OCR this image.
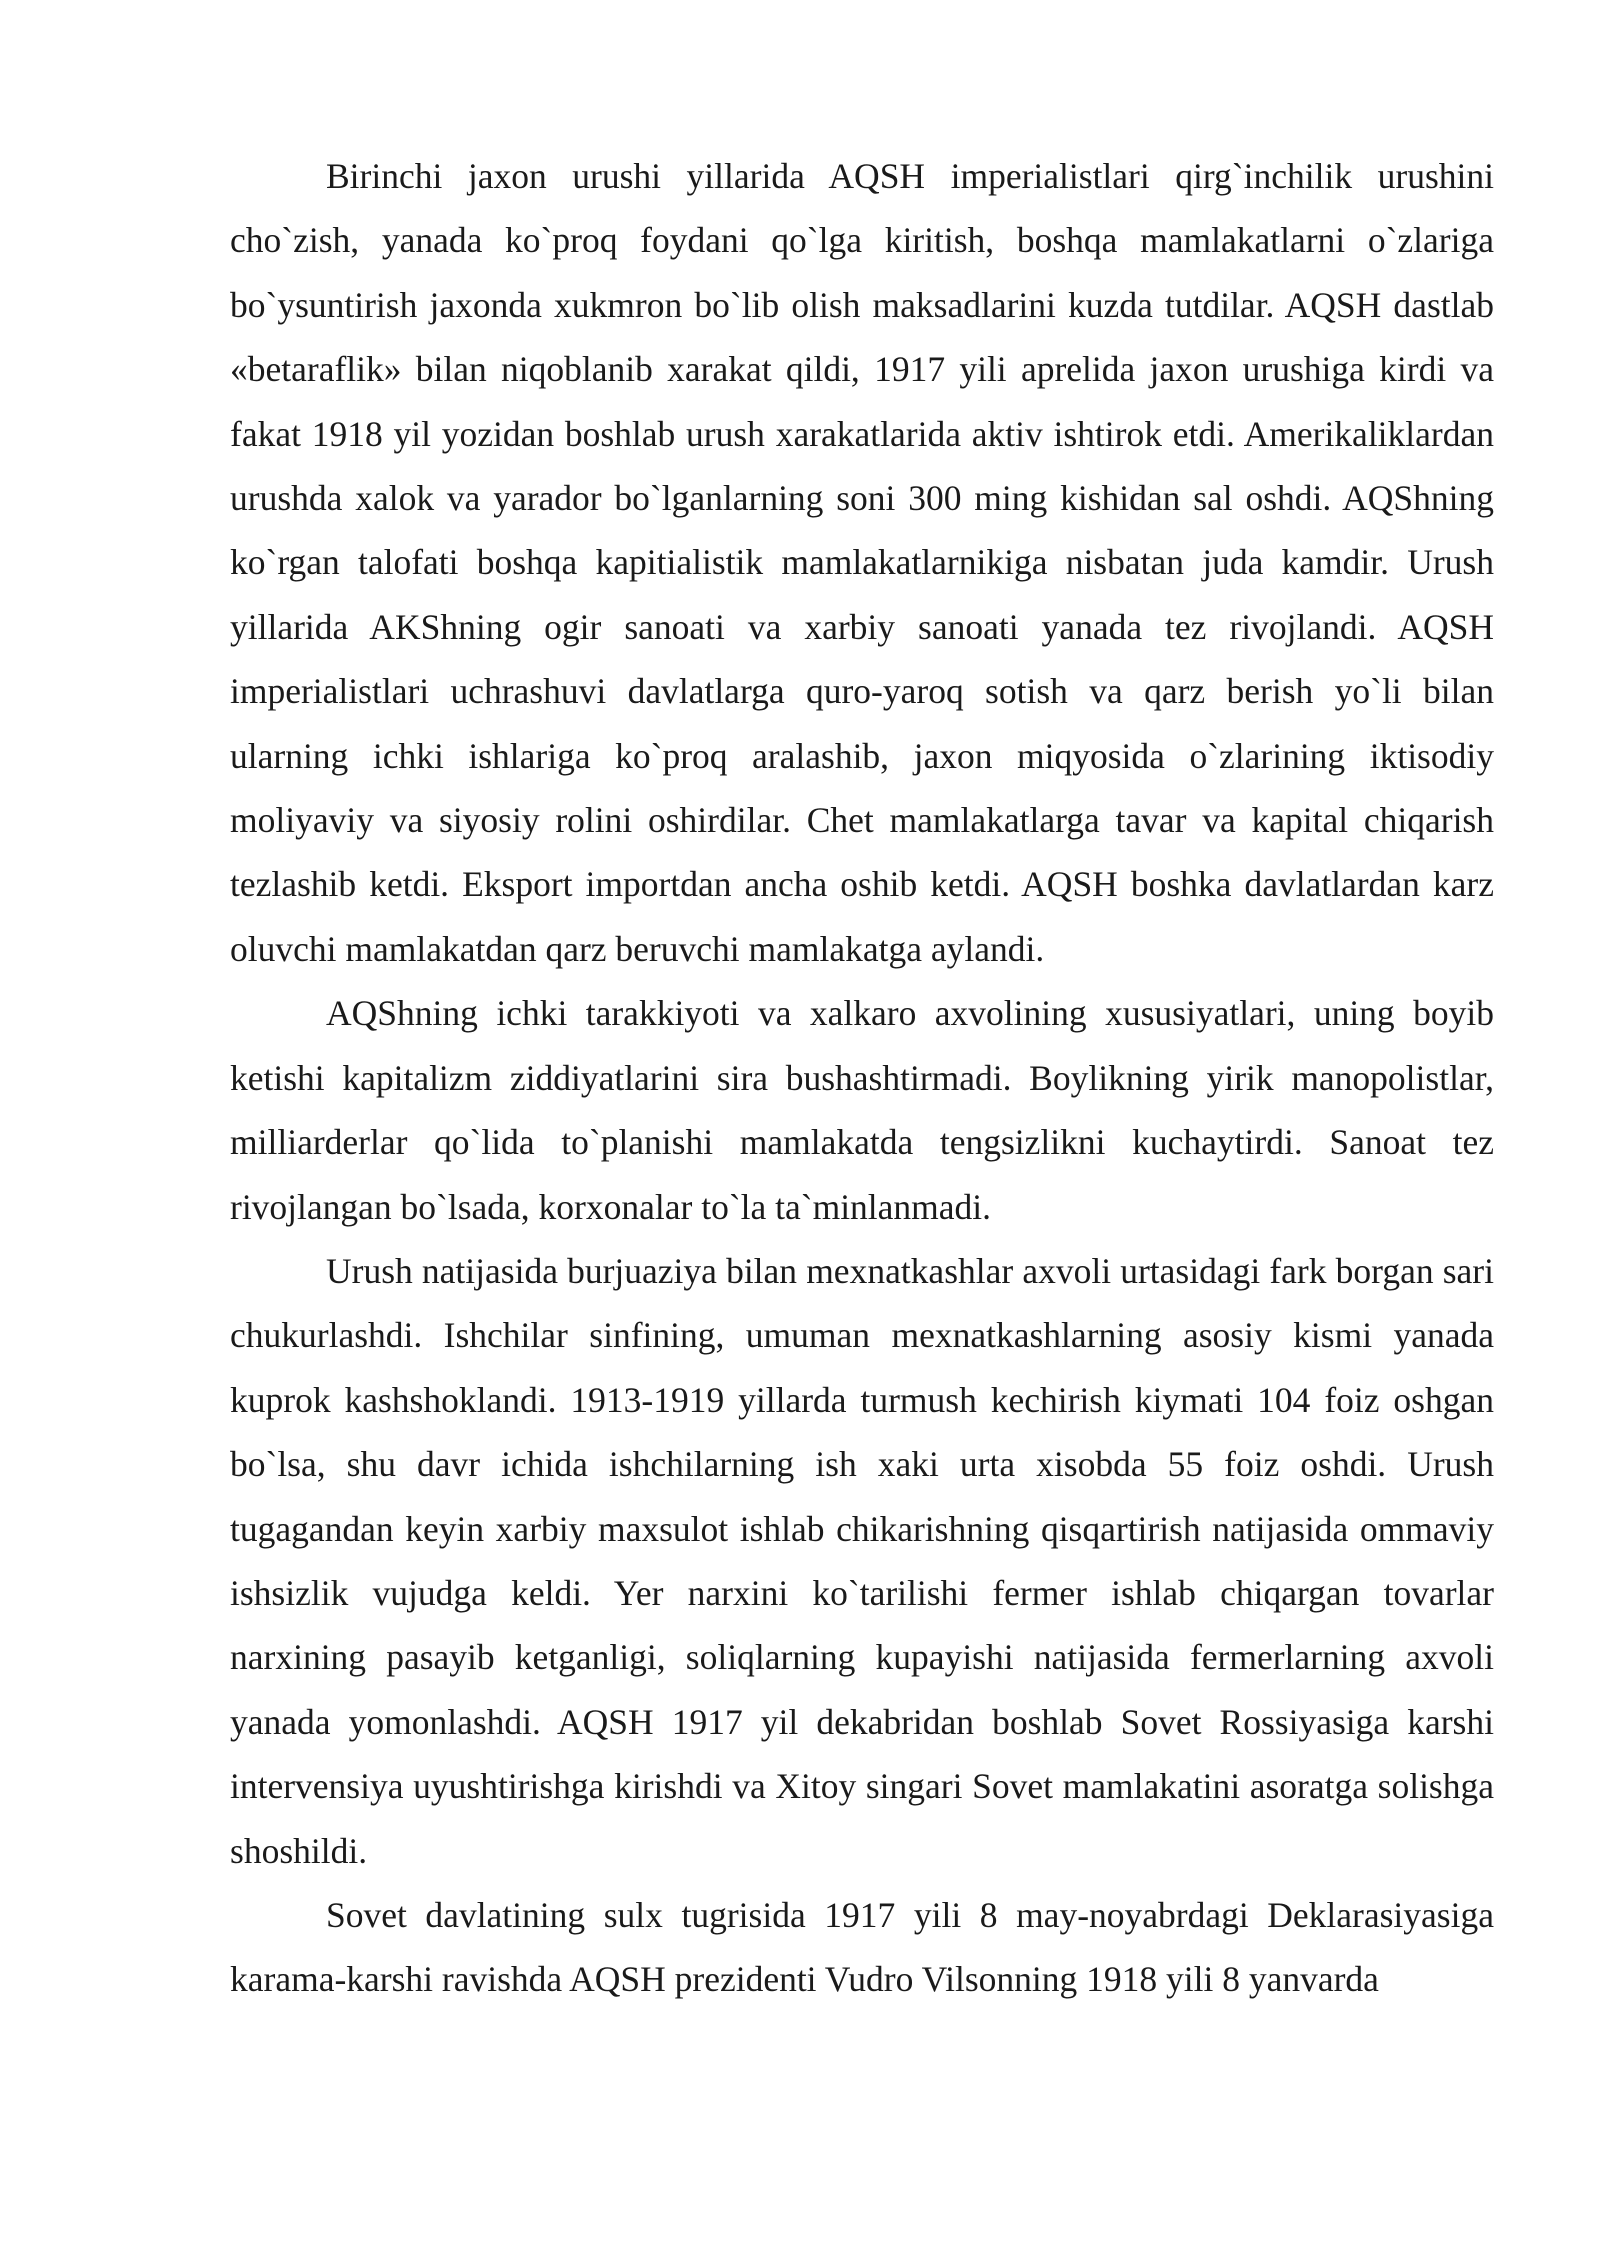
Birinchi jaxon urushi yillarida AQSH imperialistlari qirg`inchilik urushini cho`zish, yanada ko`proq foydani qo`lga kiritish, boshqa mamlakatlarni o`zlariga bo`ysuntirish jaxonda xukmron bo`lib olish maksadlarini kuzda tutdilar. AQSH dastlab «betaraflik» bilan niqoblanib xarakat qildi, 1917 yili aprelida jaxon urushiga kirdi va fakat 1918 yil yozidan boshlab urush xarakatlarida aktiv ishtirok etdi. Amerikaliklardan urushda xalok va yarador bo`lganlarning soni 300 ming kishidan sal oshdi. AQShning ko`rgan talofati boshqa kapitialistik mamlakatlarnikiga nisbatan juda kamdir. Urush yillarida AKShning ogir sanoati va xarbiy sanoati yanada tez rivojlandi. AQSH imperialistlari uchrashuvi davlatlarga quro-yaroq sotish va qarz berish yo`li bilan ularning ichki ishlariga ko`proq aralashib, jaxon miqyosida o`zlarining iktisodiy moliyaviy va siyosiy rolini oshirdilar. Chet mamlakatlarga tavar va kapital chiqarish tezlashib ketdi. Eksport importdan ancha oshib ketdi. AQSH boshka davlatlardan karz oluvchi mamlakatdan qarz beruvchi mamlakatga aylandi.

AQShning ichki tarakkiyoti va xalkaro axvolining xususiyatlari, uning boyib ketishi kapitalizm ziddiyatlarini sira bushashtirmadi. Boylikning yirik manopolistlar, milliarderlar qo`lida to`planishi mamlakatda tengsizlikni kuchaytirdi. Sanoat tez rivojlangan bo`lsada, korxonalar to`la ta`minlanmadi.

Urush natijasida burjuaziya bilan mexnatkashlar axvoli urtasidagi fark borgan sari chukurlashdi. Ishchilar sinfining, umuman mexnatkashlarning asosiy kismi yanada kuprok kashshoklandi. 1913-1919 yillarda turmush kechirish kiymati 104 foiz oshgan bo`lsa, shu davr ichida ishchilarning ish xaki urta xisobda 55 foiz oshdi. Urush tugagandan keyin xarbiy maxsulot ishlab chikarishning qisqartirish natijasida ommaviy ishsizlik vujudga keldi. Yer narxini ko`tarilishi fermer ishlab chiqargan tovarlar narxining pasayib ketganligi, soliqlarning kupayishi natijasida fermerlarning axvoli yanada yomonlashdi. AQSH 1917 yil dekabridan boshlab Sovet Rossiyasiga karshi intervensiya uyushtirishga kirishdi va Xitoy singari Sovet mamlakatini asoratga solishga shoshildi.

Sovet davlatining sulx tugrisida 1917 yili 8 may-noyabrdagi Deklarasiyasiga karama-karshi ravishda AQSH prezidenti Vudro Vilsonning 1918 yili 8 yanvarda
